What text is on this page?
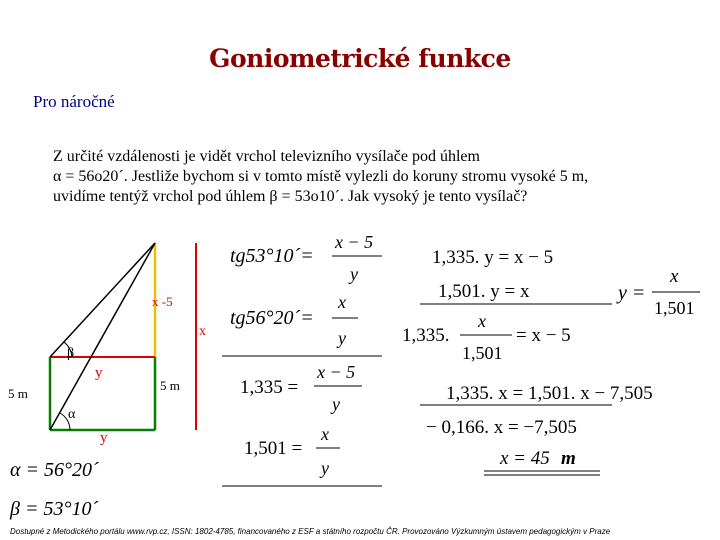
Goniometrické funkce
Pro náročné
Z určité vzdálenosti je vidět vrchol televizního vysílače pod úhlem
α = 56o20´. Jestliže bychom si v tomto místě vylezli do koruny stromu vysoké 5 m,
uvidíme tentýž vrchol pod úhlem β = 53o10´. Jak vysoký je tento vysílač?
x -5
x
β
y
5 m
5 m
α
y
α = 56°20´
β = 53°10´
tg53°10´=
x − 5
y
tg56°20´=
x
y
1,335 =
x − 5
y
1,501 =
x
y
1,335. y = x − 5
1,501. y = x
1,335.
x
1,501
= x − 5
1,335. x = 1,501. x − 7,505
− 0,166. x = −7,505
x = 45 m
y =
x
1,501
Dostupné z Metodického portálu www.rvp.cz, ISSN: 1802-4785, financovaného z ESF a státního rozpočtu ČR. Provozováno Výzkumným ústavem pedagogickým v Praze
